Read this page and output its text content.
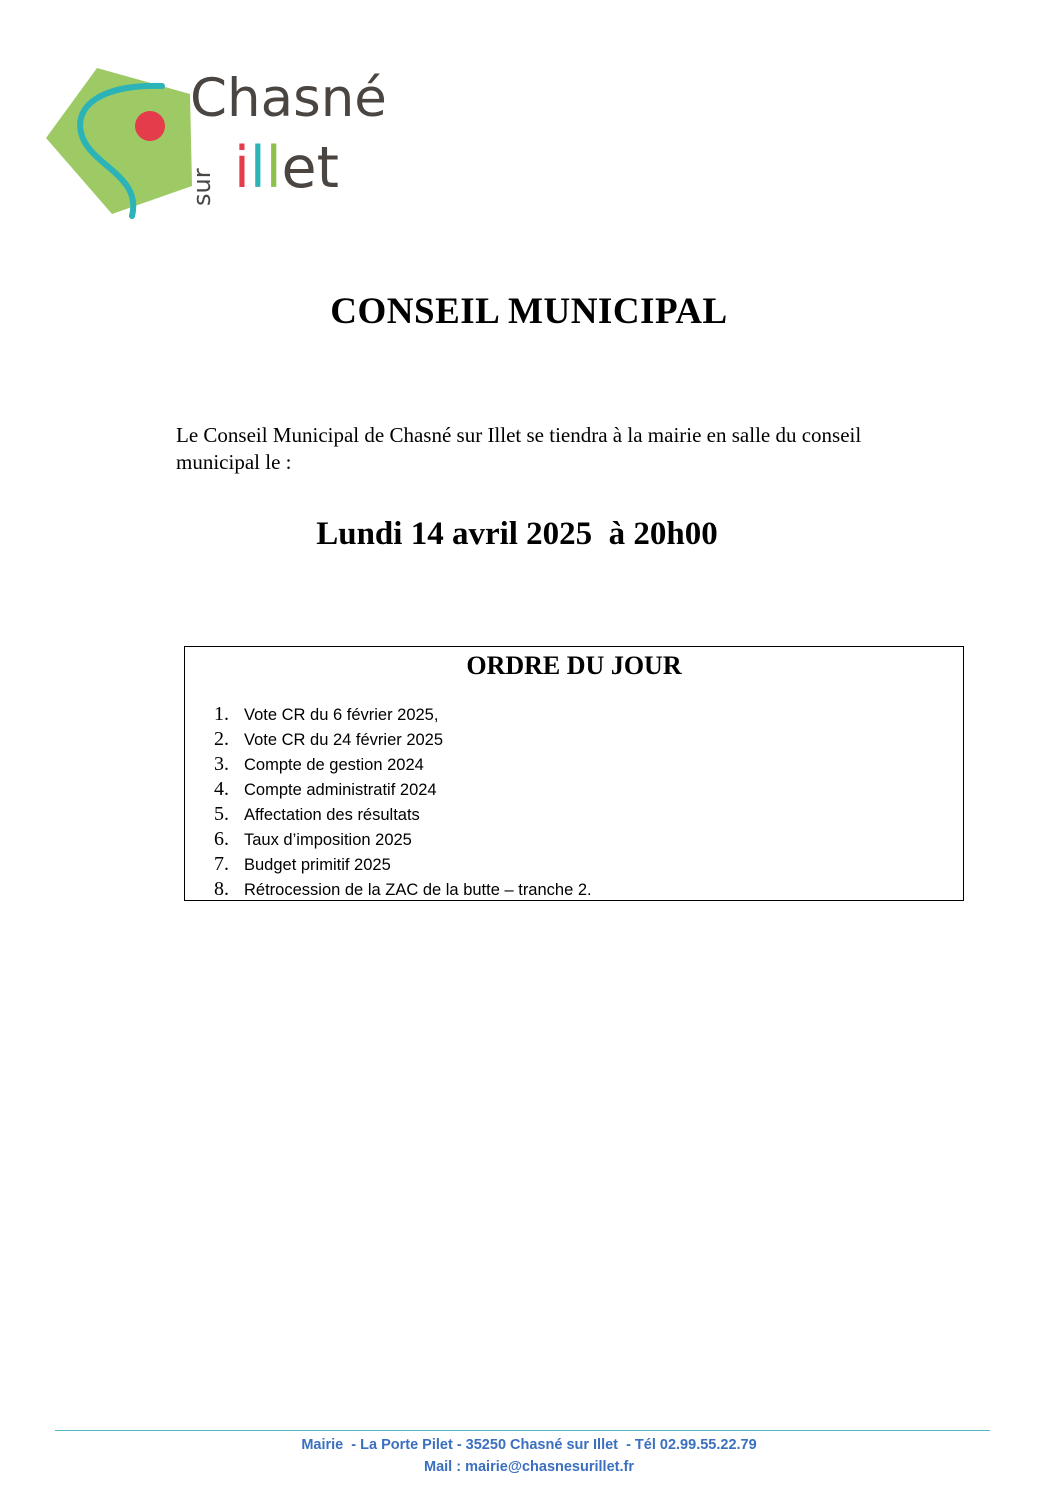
Chasné
sur illet
CONSEIL MUNICIPAL
Le Conseil Municipal de Chasné sur Illet se tiendra à la mairie en salle du conseil municipal le :
Lundi 14 avril 2025  à 20h00
ORDRE DU JOUR
1 .	Vote CR du 6 février 2025,
2 .	Vote CR du 24 février 2025
3 .	Compte de gestion 2024
4 .	Compte administratif 2024
5 .	Affectation des résultats
6 .	Taux d’imposition 2025
7 .	Budget primitif 2025
8 .	Rétrocession de la ZAC de la butte – tranche 2.
Mairie  - La Porte Pilet - 35250 Chasné sur Illet  - Tél 02.99.55.22.79
Mail : mairie@chasnesurillet.fr
